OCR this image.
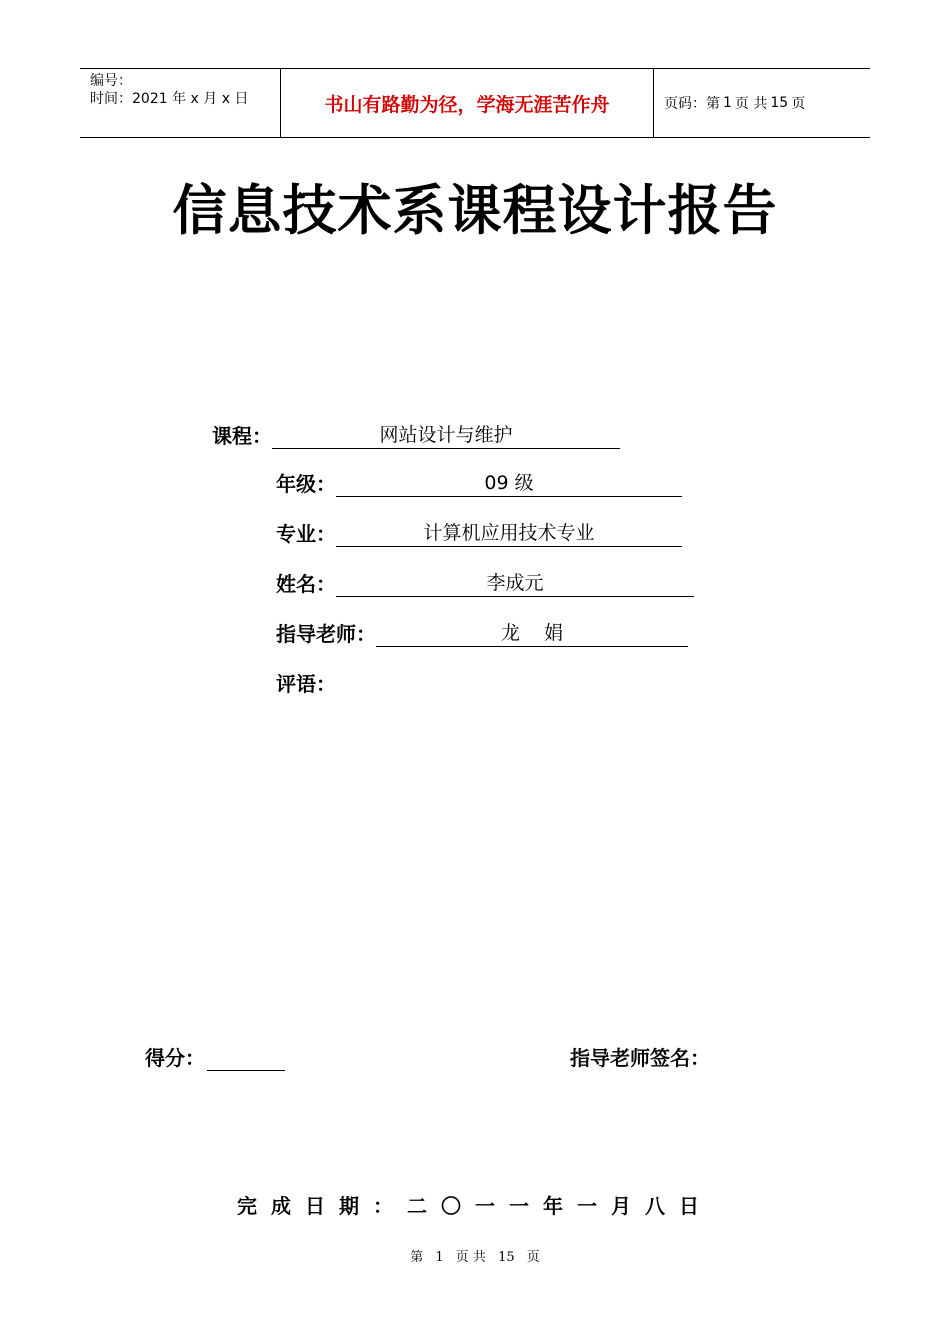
编号：
时间：2021 年 x 月 x 日	书山有路勤为径，学海无涯苦作舟	页码：第 1 页 共 15 页
信息技术系课程设计报告
课程：	网站设计与维护
年级：	09 级
专业：	计算机应用技术专业
姓名：	李成元
指导老师：	龙    娟
评语：
得分：	指导老师签名：
完成日期：二〇一一年一月八日
第 1 页 共 15 页
